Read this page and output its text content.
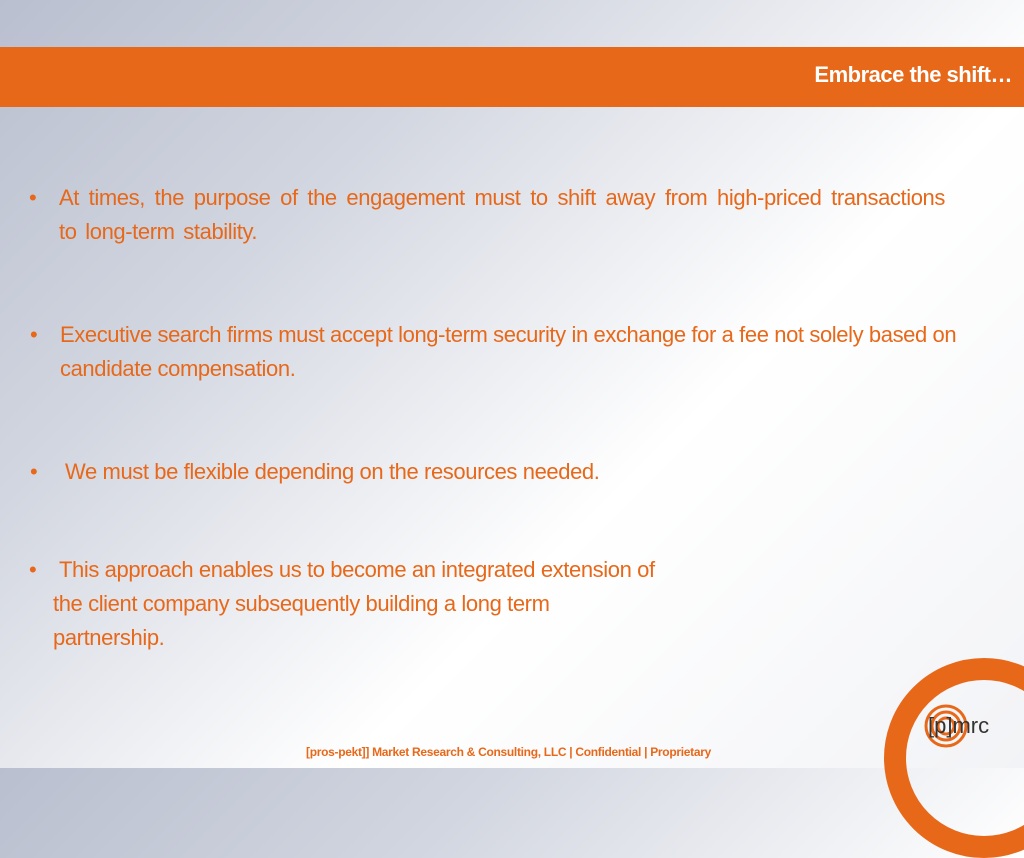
Embrace the shift…
• At times, the purpose of the engagement must to shift away from high-priced transactions to long-term stability.
• Executive search firms must accept long-term security in exchange for a fee not solely based on candidate compensation.
• We must be flexible depending on the resources needed.
• This approach enables us to become an integrated extension of
the client company subsequently building a long term
partnership.
[pros-pekt]] Market Research & Consulting, LLC | Confidential | Proprietary
[p]mrc
